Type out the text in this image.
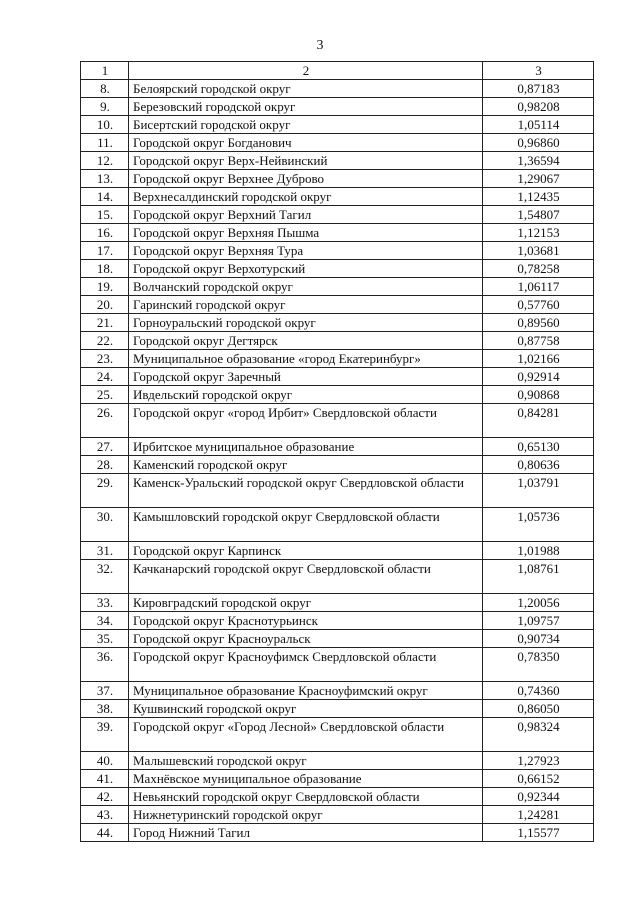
3
1	2	3
8.	Белоярский городской округ	0,87183
9.	Березовский городской округ	0,98208
10.	Бисертский городской округ	1,05114
11.	Городской округ Богданович	0,96860
12.	Городской округ Верх-Нейвинский	1,36594
13.	Городской округ Верхнее Дуброво	1,29067
14.	Верхнесалдинский городской округ	1,12435
15.	Городской округ Верхний Тагил	1,54807
16.	Городской округ Верхняя Пышма	1,12153
17.	Городской округ Верхняя Тура	1,03681
18.	Городской округ Верхотурский	0,78258
19.	Волчанский городской округ	1,06117
20.	Гаринский городской округ	0,57760
21.	Горноуральский городской округ	0,89560
22.	Городской округ Дегтярск	0,87758
23.	Муниципальное образование «город Екатеринбург»	1,02166
24.	Городской округ Заречный	0,92914
25.	Ивдельский городской округ	0,90868
26.	Городской округ «город Ирбит» Свердловской области	0,84281
27.	Ирбитское муниципальное образование	0,65130
28.	Каменский городской округ	0,80636
29.	Каменск-Уральский городской округ Свердловской области	1,03791
30.	Камышловский городской округ Свердловской области	1,05736
31.	Городской округ Карпинск	1,01988
32.	Качканарский городской округ Свердловской области	1,08761
33.	Кировградский городской округ	1,20056
34.	Городской округ Краснотурьинск	1,09757
35.	Городской округ Красноуральск	0,90734
36.	Городской округ Красноуфимск Свердловской области	0,78350
37.	Муниципальное образование Красноуфимский округ	0,74360
38.	Кушвинский городской округ	0,86050
39.	Городской округ «Город Лесной» Свердловской области	0,98324
40.	Малышевский городской округ	1,27923
41.	Махнёвское муниципальное образование	0,66152
42.	Невьянский городской округ Свердловской области	0,92344
43.	Нижнетуринский городской округ	1,24281
44.	Город Нижний Тагил	1,15577
